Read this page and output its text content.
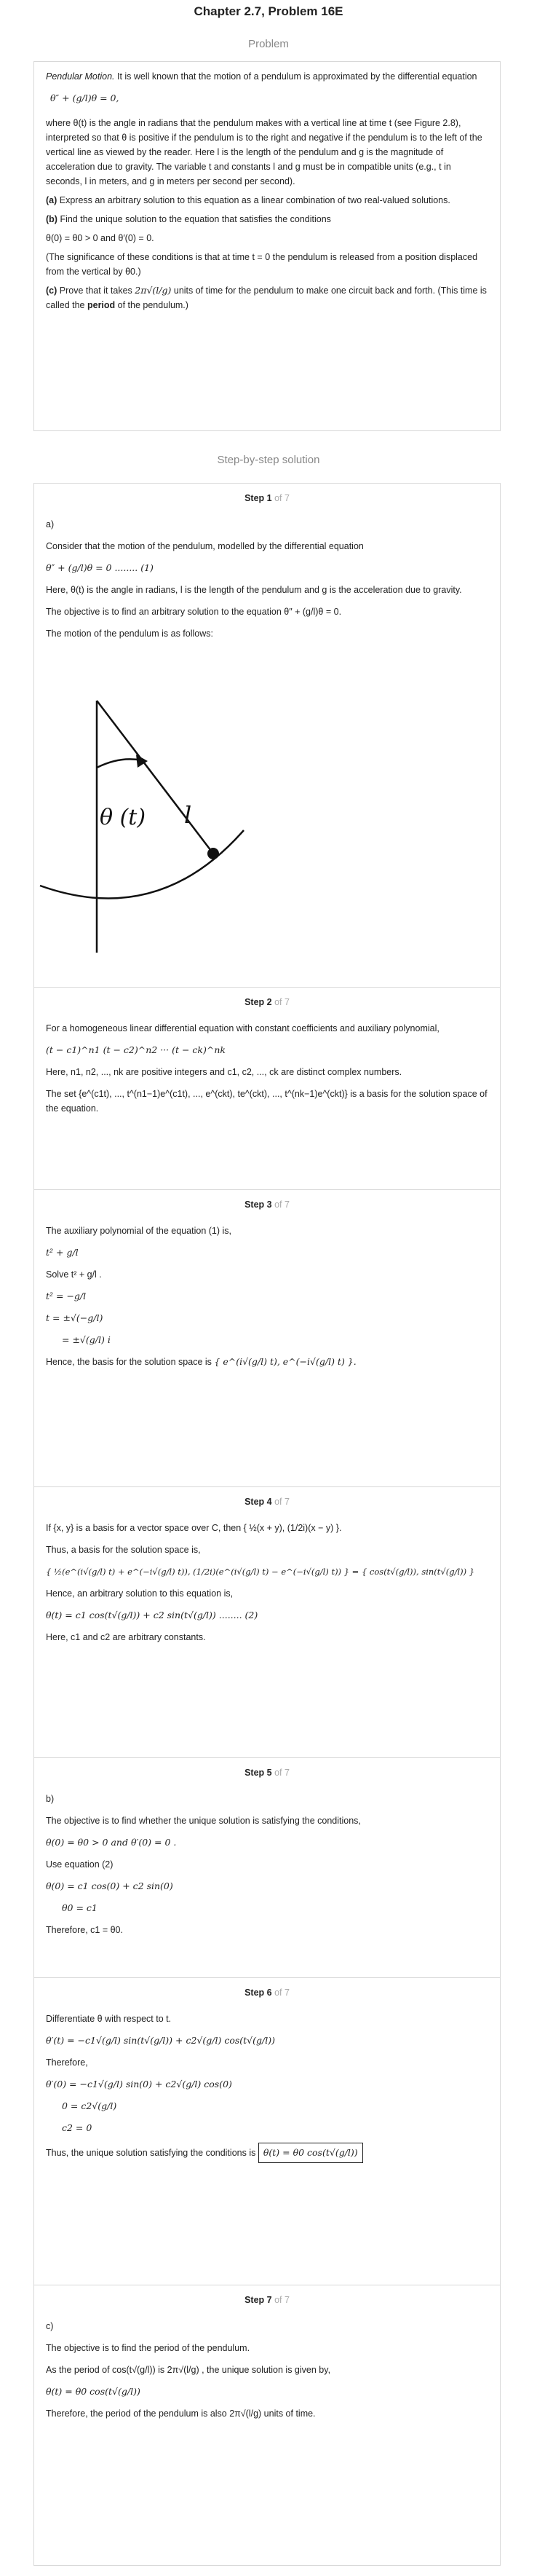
Chapter 2.7, Problem 16E
Problem

Pendular Motion. It is well known that the motion of a pendulum is approximated by the differential equation

θ″ + (g/l)θ = 0,

where θ(t) is the angle in radians that the pendulum makes with a vertical line at time t (see Figure 2.8), interpreted so that θ is positive if the pendulum is to the right and negative if the pendulum is to the left of the vertical line as viewed by the reader. Here l is the length of the pendulum and g is the magnitude of acceleration due to gravity. The variable t and constants l and g must be in compatible units (e.g., t in seconds, l in meters, and g in meters per second per second).

(a) Express an arbitrary solution to this equation as a linear combination of two real-valued solutions.

(b) Find the unique solution to the equation that satisfies the conditions

θ(0) = θ0 > 0 and θ′(0) = 0.

(The significance of these conditions is that at time t = 0 the pendulum is released from a position displaced from the vertical by θ0.)

(c) Prove that it takes 2π√(l/g) units of time for the pendulum to make one circuit back and forth. (This time is called the period of the pendulum.)

Step-by-step solution
Step 1 of 7

a)

Consider that the motion of the pendulum, modelled by the differential equation

θ″ + (g/l)θ = 0 ........ (1)

Here, θ(t) is the angle in radians, l is the length of the pendulum and g is the acceleration due to gravity.

The objective is to find an arbitrary solution to the equation θ″ + (g/l)θ = 0.

The motion of the pendulum is as follows:

θ (t) l
Step 2 of 7

For a homogeneous linear differential equation with constant coefficients and auxiliary polynomial,

(t − c1)^n1 (t − c2)^n2 ··· (t − ck)^nk

Here, n1, n2, ..., nk are positive integers and c1, c2, ..., ck are distinct complex numbers.

The set {e^(c1t), ..., t^(n1−1)e^(c1t), ..., e^(ckt), te^(ckt), ..., t^(nk−1)e^(ckt)} is a basis for the solution space of the equation.

Step 3 of 7

The auxiliary polynomial of the equation (1) is,

t² + g/l

Solve t² + g/l .

t² = −g/l

t = ±√(−g/l)

= ±√(g/l) i

Hence, the basis for the solution space is { e^(i√(g/l) t), e^(−i√(g/l) t) }.

Step 4 of 7

If {x, y} is a basis for a vector space over C, then { ½(x + y), (1/2i)(x − y) }.

Thus, a basis for the solution space is,

{ ½(e^(i√(g/l) t) + e^(−i√(g/l) t)), (1/2i)(e^(i√(g/l) t) − e^(−i√(g/l) t)) } = { cos(t√(g/l)), sin(t√(g/l)) }

Hence, an arbitrary solution to this equation is,

θ(t) = c1 cos(t√(g/l)) + c2 sin(t√(g/l)) ........ (2)

Here, c1 and c2 are arbitrary constants.

Step 5 of 7

b)

The objective is to find whether the unique solution is satisfying the conditions,

θ(0) = θ0 > 0 and θ′(0) = 0 .

Use equation (2)

θ(0) = c1 cos(0) + c2 sin(0)

θ0 = c1

Therefore, c1 = θ0.

Step 6 of 7

Differentiate θ with respect to t.

θ′(t) = −c1√(g/l) sin(t√(g/l)) + c2√(g/l) cos(t√(g/l))

Therefore,

θ′(0) = −c1√(g/l) sin(0) + c2√(g/l) cos(0)

0 = c2√(g/l)

c2 = 0

Thus, the unique solution satisfying the conditions is θ(t) = θ0 cos(t√(g/l))

Step 7 of 7

c)

The objective is to find the period of the pendulum.

As the period of cos(t√(g/l)) is 2π√(l/g) , the unique solution is given by,

θ(t) = θ0 cos(t√(g/l))

Therefore, the period of the pendulum is also 2π√(l/g) units of time.
